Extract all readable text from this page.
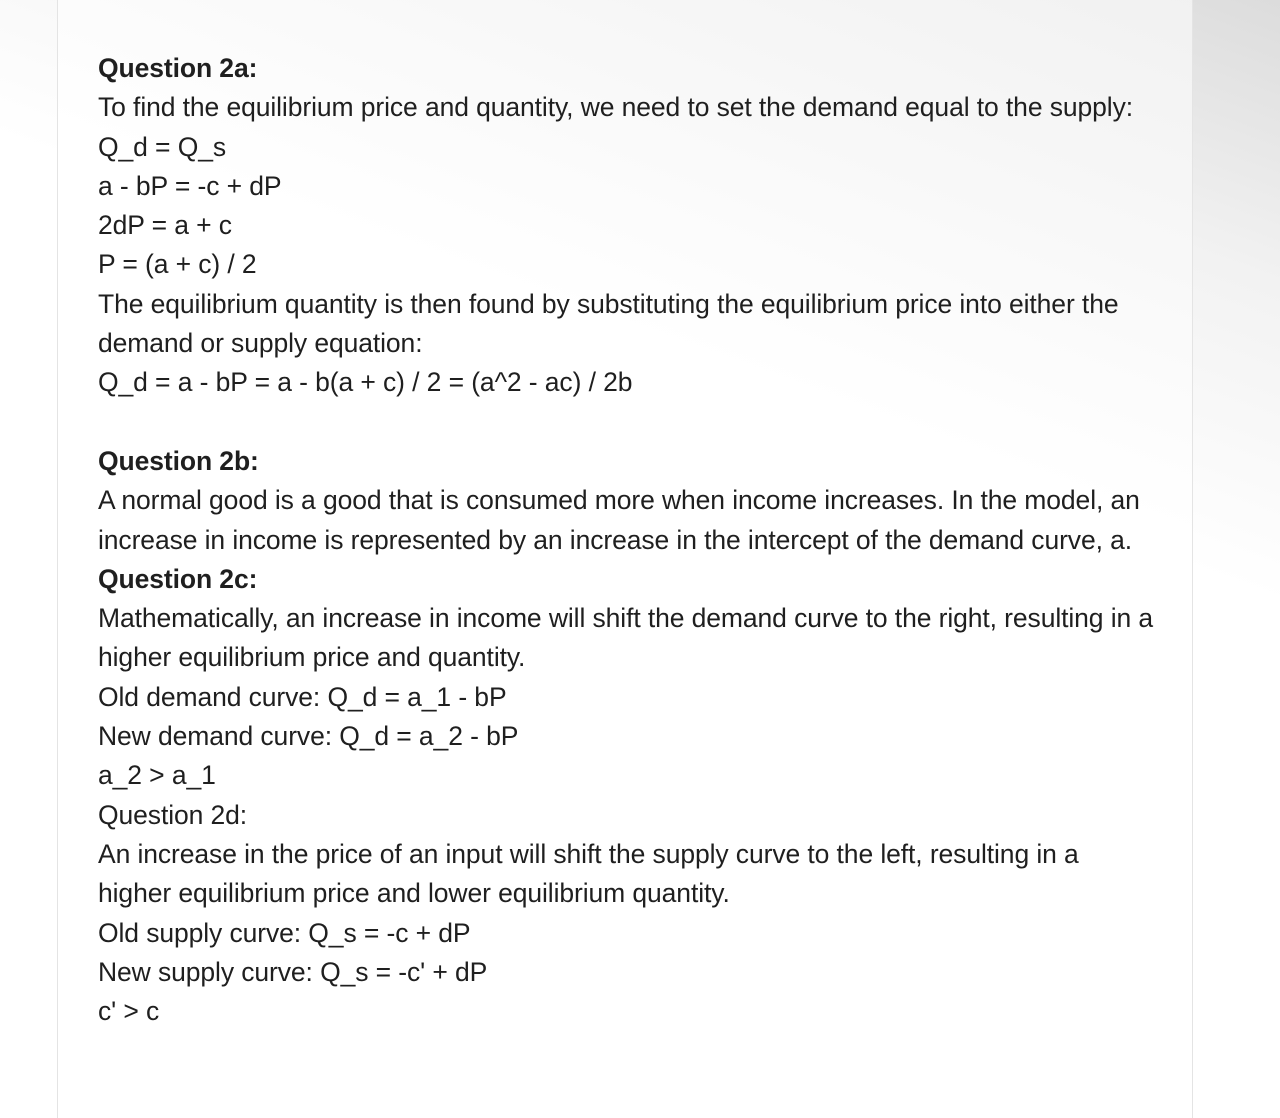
Question 2a:
To find the equilibrium price and quantity, we need to set the demand equal to the supply:
Q_d = Q_s
a - bP = -c + dP
2dP = a + c
P = (a + c) / 2
The equilibrium quantity is then found by substituting the equilibrium price into either the demand or supply equation:
Q_d = a - bP = a - b(a + c) / 2 = (a^2 - ac) / 2b
Question 2b:
A normal good is a good that is consumed more when income increases. In the model, an increase in income is represented by an increase in the intercept of the demand curve, a.
Question 2c:
Mathematically, an increase in income will shift the demand curve to the right, resulting in a higher equilibrium price and quantity.
Old demand curve: Q_d = a_1 - bP
New demand curve: Q_d = a_2 - bP
a_2 > a_1
Question 2d:
An increase in the price of an input will shift the supply curve to the left, resulting in a higher equilibrium price and lower equilibrium quantity.
Old supply curve: Q_s = -c + dP
New supply curve: Q_s = -c' + dP
c' > c
